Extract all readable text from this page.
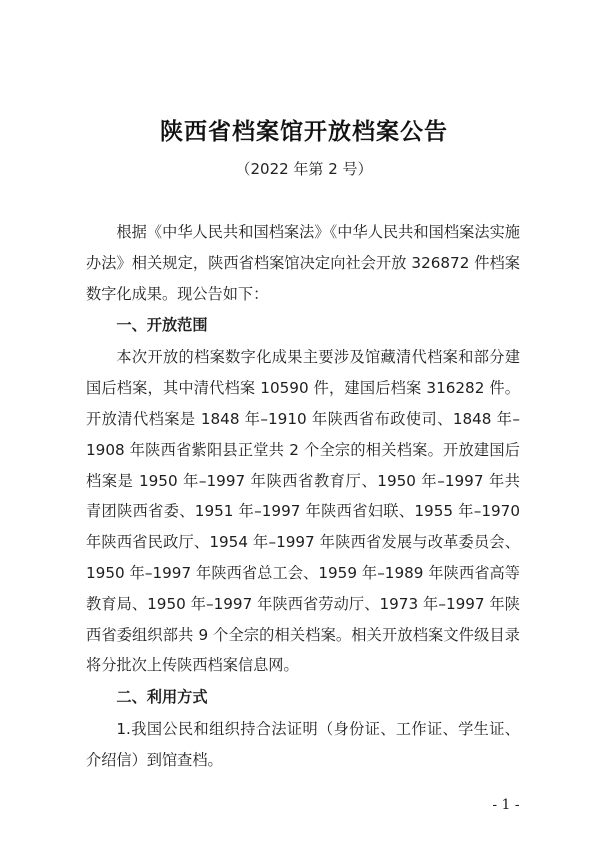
陕西省档案馆开放档案公告
（2022 年第 2 号）

根据《中华人民共和国档案法》《中华人民共和国档案法实施办法》相关规定，陕西省档案馆决定向社会开放 326872 件档案数字化成果。现公告如下：

一、开放范围

本次开放的档案数字化成果主要涉及馆藏清代档案和部分建国后档案，其中清代档案 10590 件，建国后档案 316282 件。开放清代档案是 1848 年–1910 年陕西省布政使司、1848 年–1908 年陕西省紫阳县正堂共 2 个全宗的相关档案。开放建国后档案是 1950 年–1997 年陕西省教育厅、1950 年–1997 年共青团陕西省委、1951 年–1997 年陕西省妇联、1955 年–1970 年陕西省民政厅、1954 年–1997 年陕西省发展与改革委员会、1950 年–1997 年陕西省总工会、1959 年–1989 年陕西省高等教育局、1950 年–1997 年陕西省劳动厅、1973 年–1997 年陕西省委组织部共 9 个全宗的相关档案。相关开放档案文件级目录将分批次上传陕西档案信息网。

二、利用方式

1.我国公民和组织持合法证明（身份证、工作证、学生证、介绍信）到馆查档。

- 1 -
